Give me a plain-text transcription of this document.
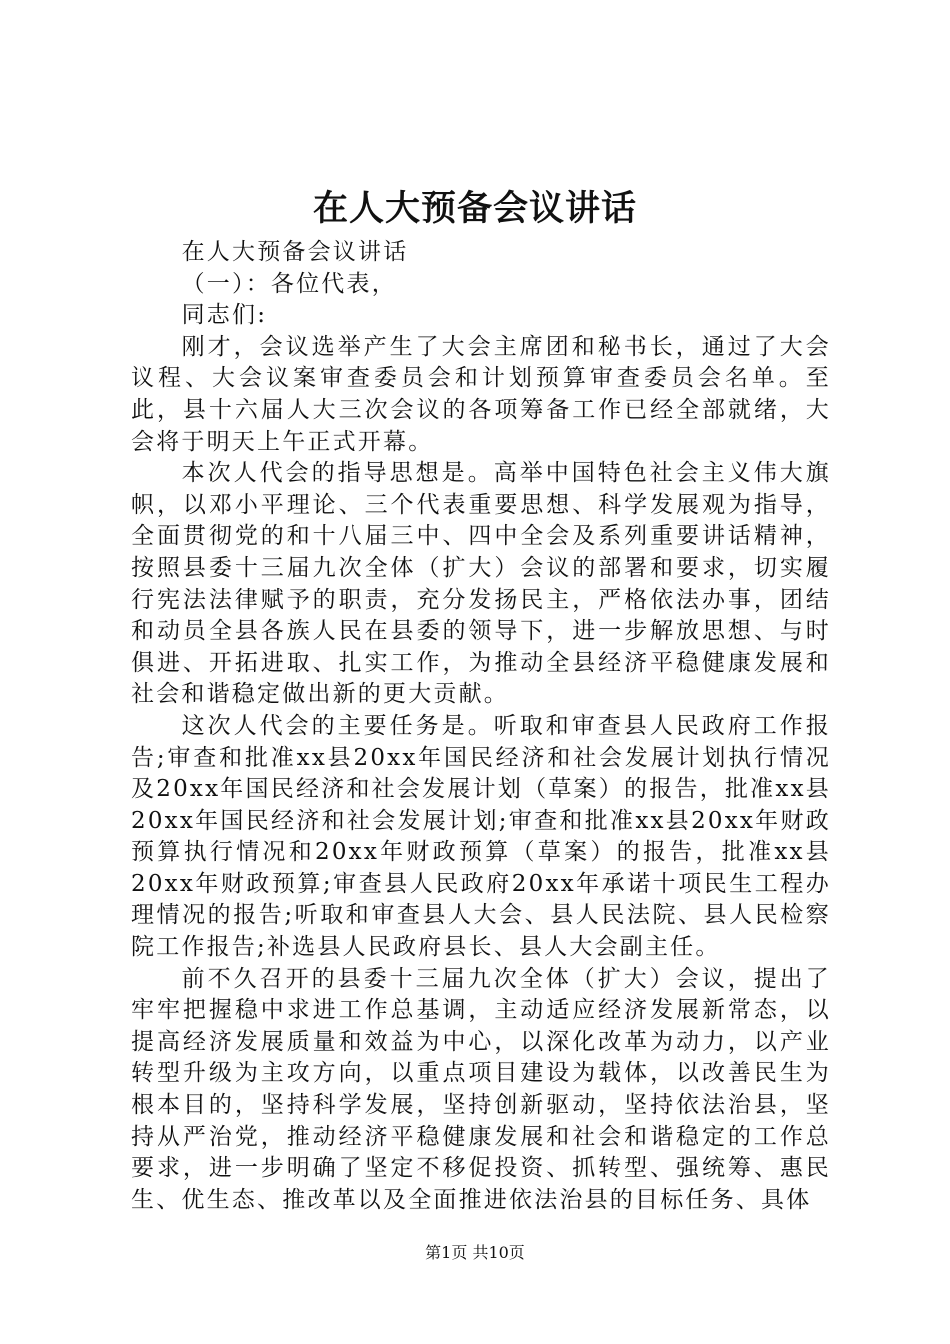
在人大预备会议讲话

在人大预备会议讲话

（一）：各位代表，

同志们:

刚才，会议选举产生了大会主席团和秘书长，通过了大会议程、大会议案审查委员会和计划预算审查委员会名单。至此，县十六届人大三次会议的各项筹备工作已经全部就绪，大会将于明天上午正式开幕。

本次人代会的指导思想是。高举中国特色社会主义伟大旗帜，以邓小平理论、三个代表重要思想、科学发展观为指导，全面贯彻党的和十八届三中、四中全会及系列重要讲话精神，按照县委十三届九次全体（扩大）会议的部署和要求，切实履行宪法法律赋予的职责，充分发扬民主，严格依法办事，团结和动员全县各族人民在县委的领导下，进一步解放思想、与时俱进、开拓进取、扎实工作，为推动全县经济平稳健康发展和社会和谐稳定做出新的更大贡献。

这次人代会的主要任务是。听取和审查县人民政府工作报告;审查和批准xx县20xx年国民经济和社会发展计划执行情况及20xx年国民经济和社会发展计划（草案）的报告，批准xx县20xx年国民经济和社会发展计划;审查和批准xx县20xx年财政预算执行情况和20xx年财政预算（草案）的报告，批准xx县20xx年财政预算;审查县人民政府20xx年承诺十项民生工程办理情况的报告;听取和审查县人大会、县人民法院、县人民检察院工作报告;补选县人民政府县长、县人大会副主任。

前不久召开的县委十三届九次全体（扩大）会议，提出了牢牢把握稳中求进工作总基调，主动适应经济发展新常态，以提高经济发展质量和效益为中心，以深化改革为动力，以产业转型升级为主攻方向，以重点项目建设为载体，以改善民生为根本目的，坚持科学发展，坚持创新驱动，坚持依法治县，坚持从严治党，推动经济平稳健康发展和社会和谐稳定的工作总要求，进一步明确了坚定不移促投资、抓转型、强统筹、惠民生、优生态、推改革以及全面推进依法治县的目标任务、具体

第1页 共10页
